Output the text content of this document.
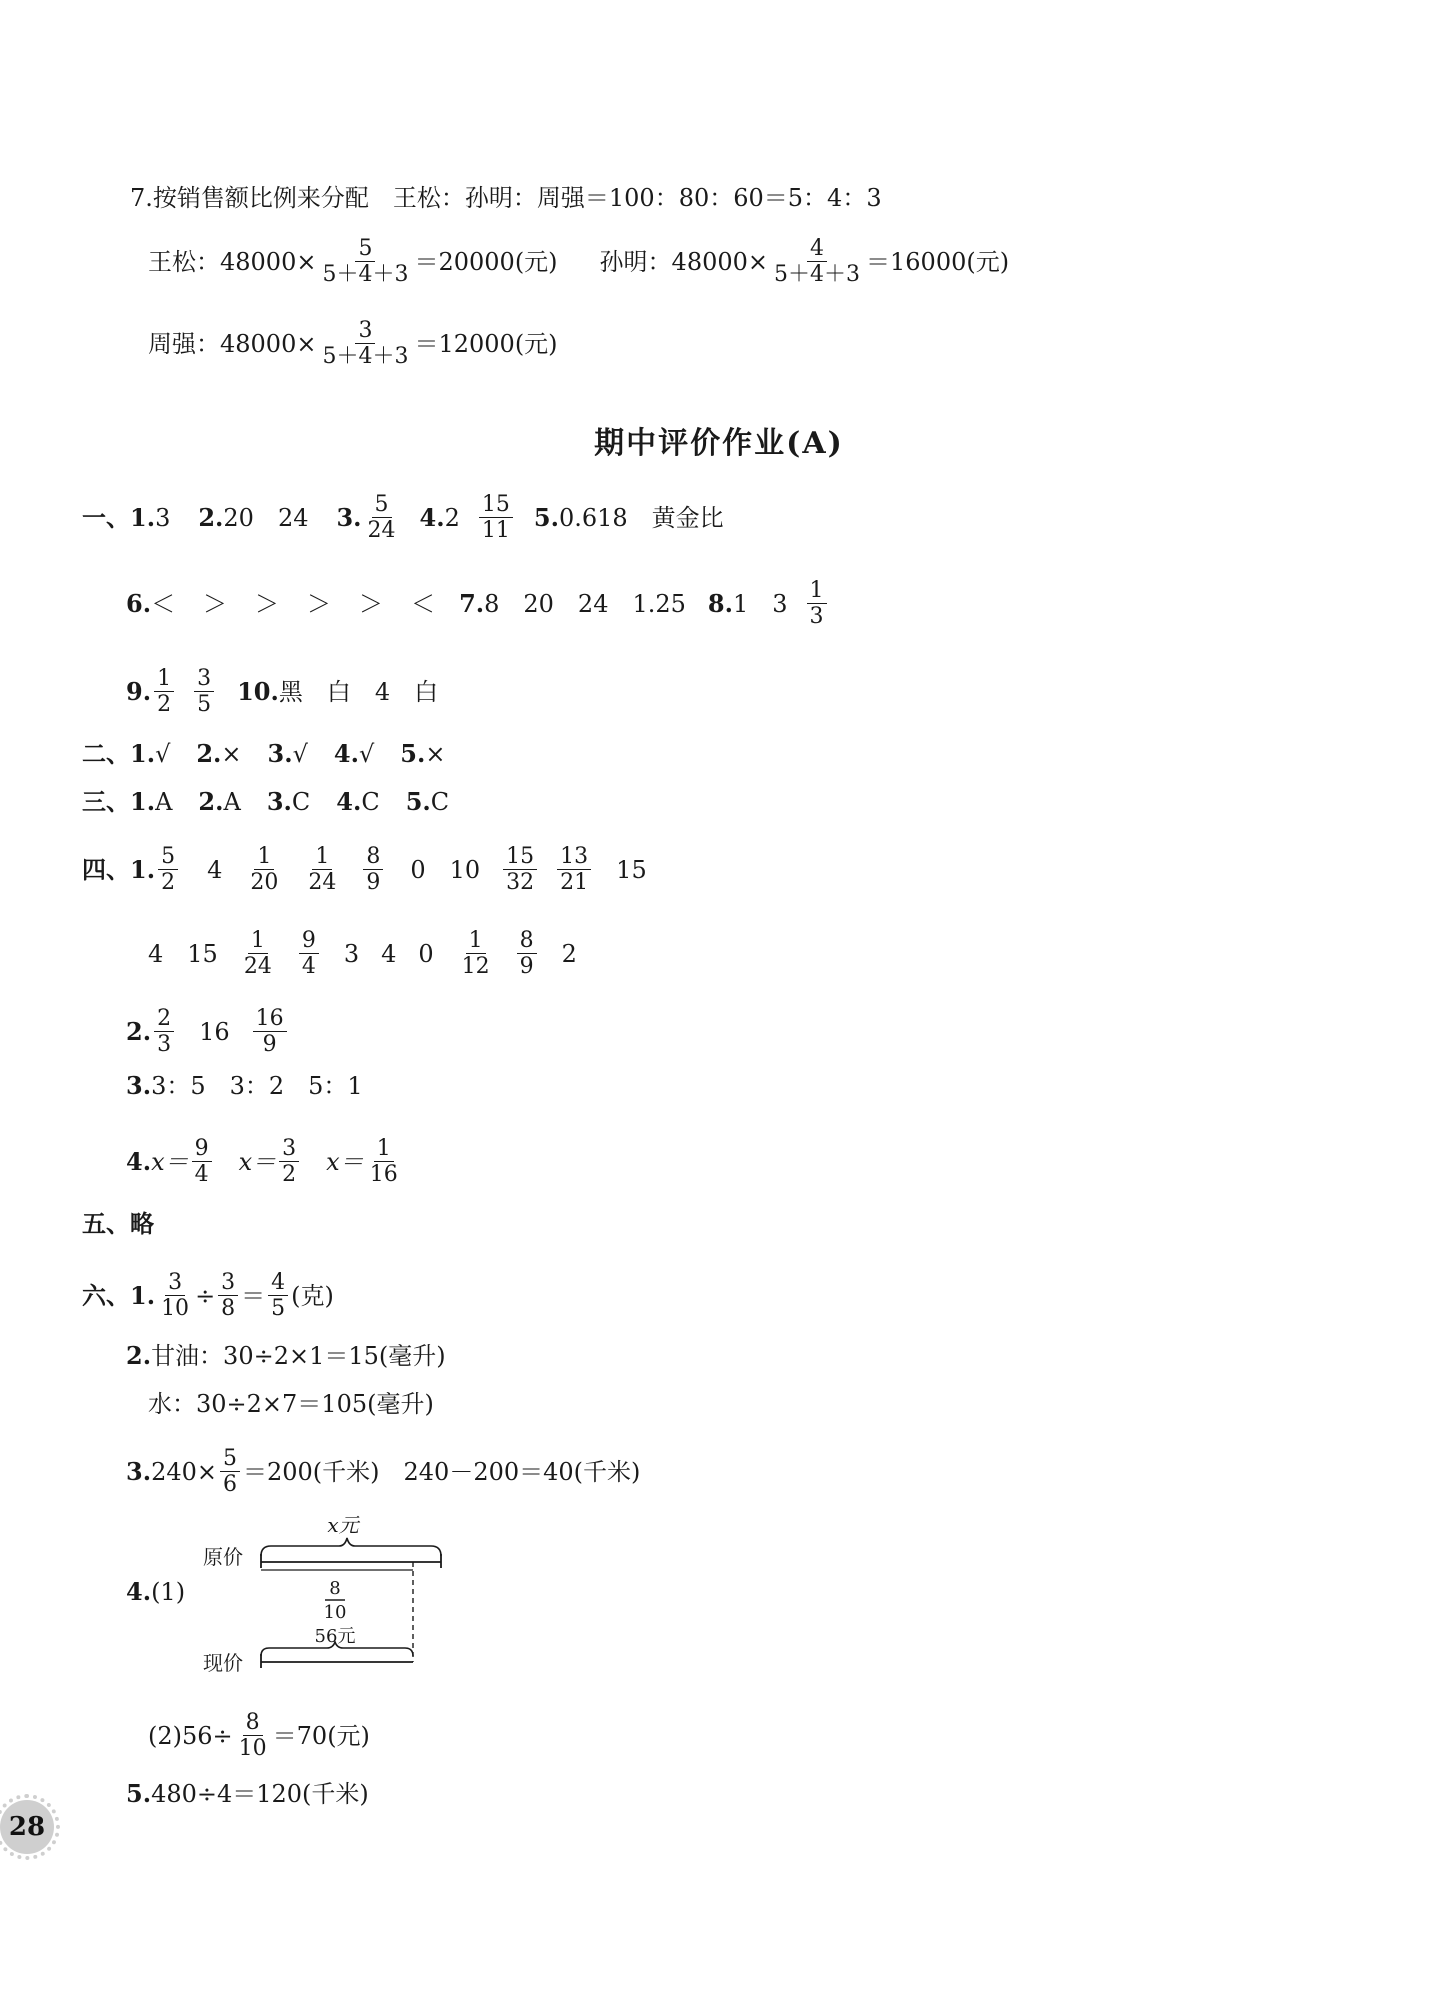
7.按销售额比例来分配　王松：孙明：周强＝100：80：60＝5：4：3
王松：$48000\times \frac{5}{5+4+3} =20000$(元) 孙明：$48000\times \frac{4}{5+4+3} =16000$(元)
周强：$48000\times \frac{3}{5+4+3} =12000$(元)
期中评价作业(A)
一、 1. 3 2. 20　24 3. $\frac{5}{24} 4$. $2 \frac{15}{11} 5$. 0.618　黄金比
6. ＜　＞　＞　＞　＞　＜ 7. 8　20　24　1.25 8. 1　$3 \frac{1}{3}$
9. $\frac{1}{2} \frac{3}{5} 10$. 黑　白　4　白
二、 1. √ 2. × 3. √ 4. √ 5. ×
三、 1. A 2. A 3. C 4. C 5. C
四、 1. $\frac{5}{2} 4 \frac{1}{20} \frac{1}{24} \frac{8}{9} 0$ $10 \frac{15}{32} \frac{13}{21} 15$
4 $15 \frac{1}{24} \frac{9}{4} 3$ 4 $0 \frac{1}{12} \frac{8}{9} 2$
2. $\frac{2}{3} 16 \frac{16}{9}$
3. 3：5　3：2　5：1
4. $x= \frac{9}{4} x= \frac{3}{2} x= \frac{1}{16}$
五、 略
六、 1. $\frac{3}{10} \div \frac{3}{8} = \frac{4}{5}$ (克)
2. 甘油：30÷2×1＝15(毫升)
水：30÷2×7＝105(毫升)
3. $240\times \frac{5}{6} =200$(千米)　240－200＝40(千米)
4. (1)
x元
原价
8
10
56元
现价
$(2)56\div \frac{8}{10} =70$(元)
5. 480÷4＝120(千米)
28
